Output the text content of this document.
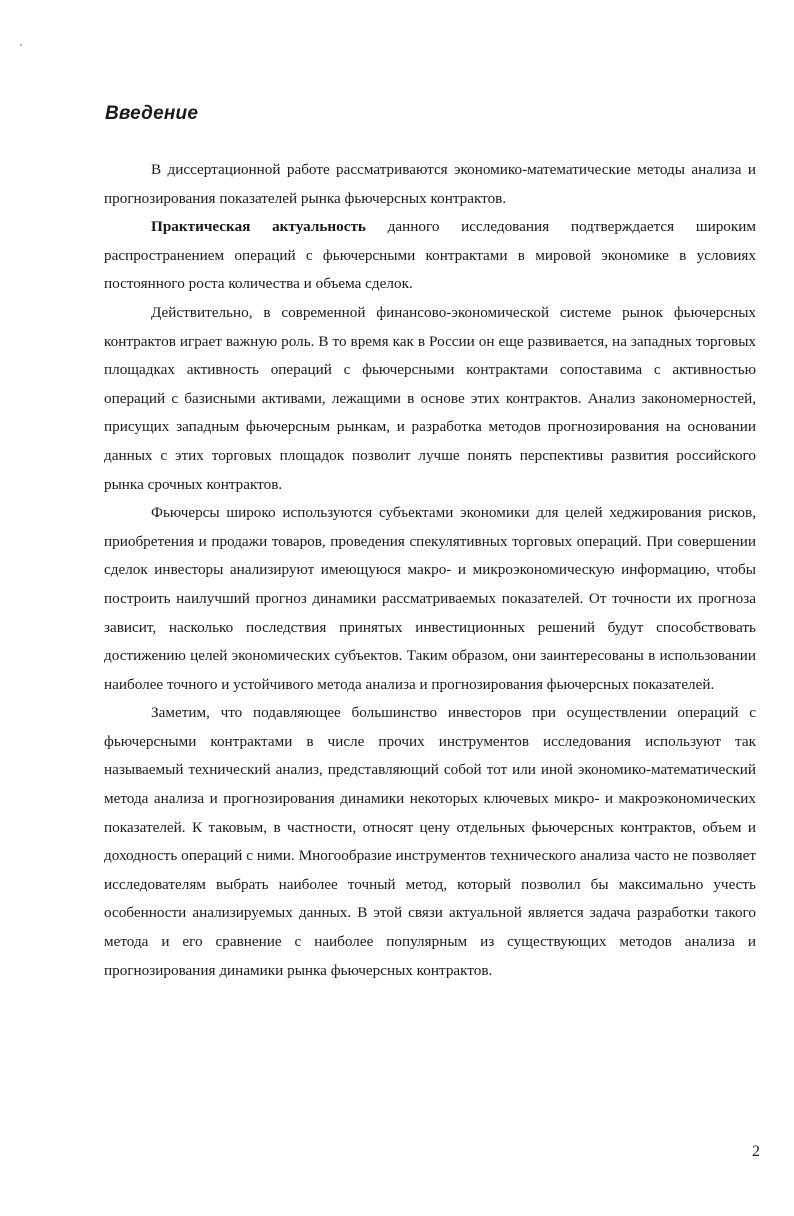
Введение

В диссертационной работе рассматриваются экономико-математические методы анализа и прогнозирования показателей рынка фьючерсных контрактов.

Практическая актуальность данного исследования подтверждается широким распространением операций с фьючерсными контрактами в мировой экономике в условиях постоянного роста количества и объема сделок.

Действительно, в современной финансово-экономической системе рынок фьючерсных контрактов играет важную роль. В то время как в России он еще развивается, на западных торговых площадках активность операций с фьючерсными контрактами сопоставима с активностью операций с базисными активами, лежащими в основе этих контрактов. Анализ закономерностей, присущих западным фьючерсным рынкам, и разработка методов прогнозирования на основании данных с этих торговых площадок позволит лучше понять перспективы развития российского рынка срочных контрактов.

Фьючерсы широко используются субъектами экономики для целей хеджирования рисков, приобретения и продажи товаров, проведения спекулятивных торговых операций. При совершении сделок инвесторы анализируют имеющуюся макро- и микроэкономическую информацию, чтобы построить наилучший прогноз динамики рассматриваемых показателей. От точности их прогноза зависит, насколько последствия принятых инвестиционных решений будут способствовать достижению целей экономических субъектов. Таким образом, они заинтересованы в использовании наиболее точного и устойчивого метода анализа и прогнозирования фьючерсных показателей.

Заметим, что подавляющее большинство инвесторов при осуществлении операций с фьючерсными контрактами в числе прочих инструментов исследования используют так называемый технический анализ, представляющий собой тот или иной экономико-математический метода анализа и прогнозирования динамики некоторых ключевых микро- и макроэкономических показателей. К таковым, в частности, относят цену отдельных фьючерсных контрактов, объем и доходность операций с ними. Многообразие инструментов технического анализа часто не позволяет исследователям выбрать наиболее точный метод, который позволил бы максимально учесть особенности анализируемых данных. В этой связи актуальной является задача разработки такого метода и его сравнение с наиболее популярным из существующих методов анализа и прогнозирования динамики рынка фьючерсных контрактов.

2
